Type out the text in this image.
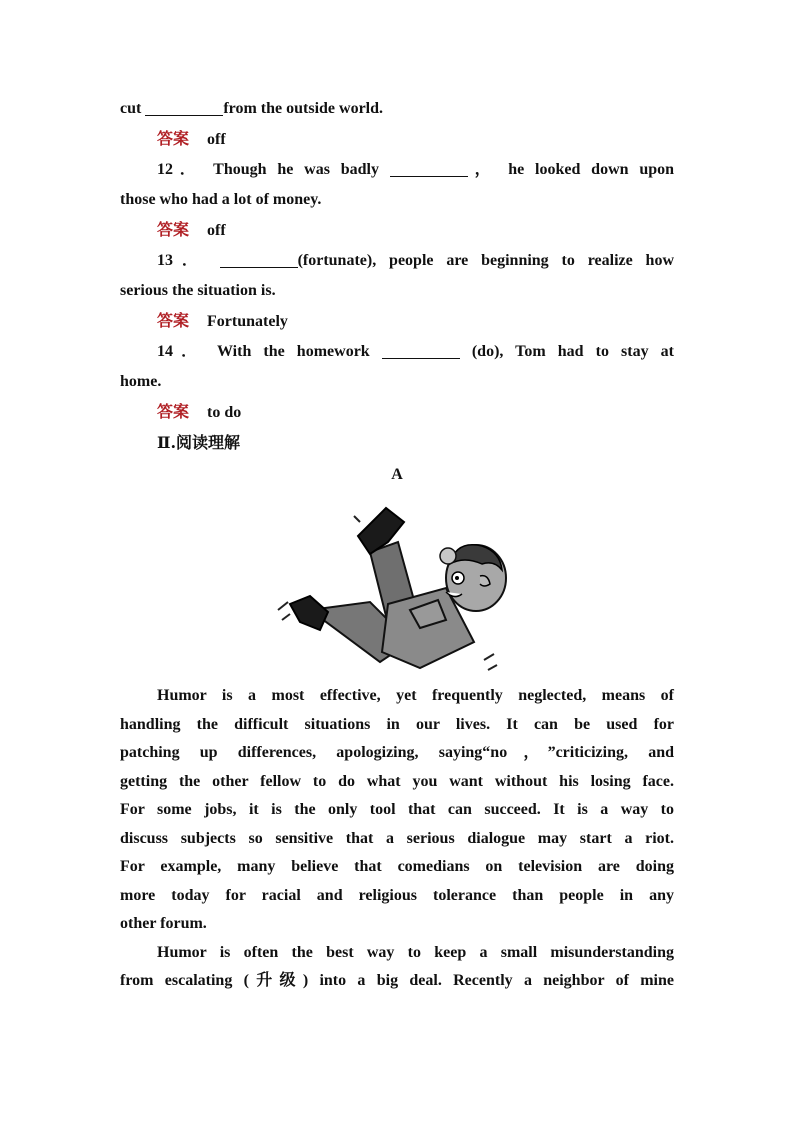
cut	from the outside world.
答案 off
12． Though he was badly	， he looked down upon
those who had a lot of money.
答案 off
13．	(fortunate), people are beginning to realize how
serious the situation is.
答案 Fortunately
14． With the homework	(do), Tom had to stay at
home.
答案 to do
Ⅱ.阅读理解
A
Humor is a most effective, yet frequently neglected, means of
handling the difficult situations in our lives. It can be used for
patching up differences, apologizing, saying“no，”criticizing, and
getting the other fellow to do what you want without his losing face.
For some jobs, it is the only tool that can succeed. It is a way to
discuss subjects so sensitive that a serious dialogue may start a riot.
For example, many believe that comedians on television are doing
more today for racial and religious tolerance than people in any
other forum.
Humor is often the best way to keep a small misunderstanding
from escalating (升级) into a big deal. Recently a neighbor of mine
